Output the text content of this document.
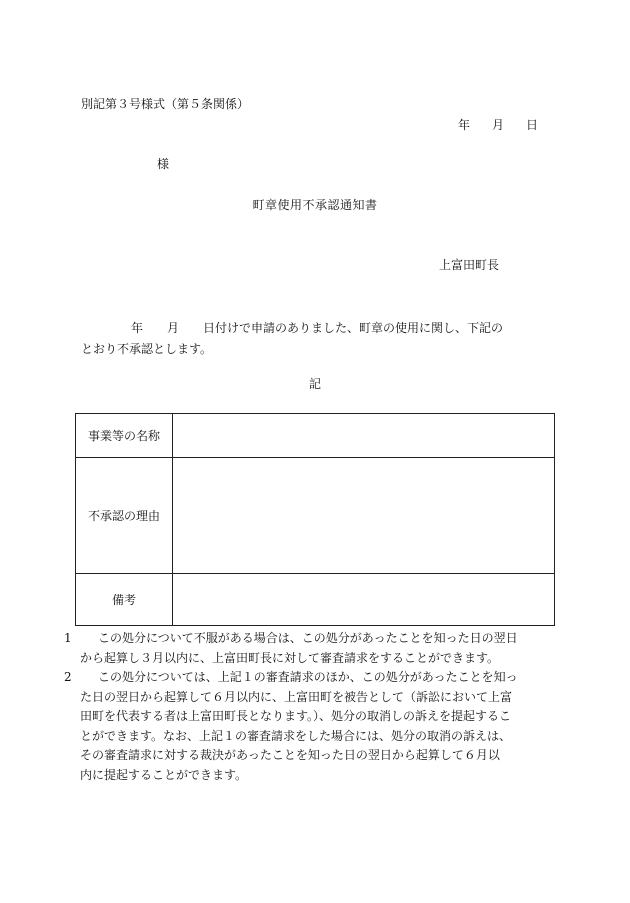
別記第３号様式（第５条関係）
年 月 日
様
町章使用不承認通知書
上富田町長
年 月 日付けで申請のありました、町章の使用に関し、下記の
とおり不承認とします。
記
事業等の名称	
不承認の理由	
備考	
1	この処分について不服がある場合は、この処分があったことを知った日の翌日
から起算し３月以内に、上富田町長に対して審査請求をすることができます。
2	この処分については、上記１の審査請求のほか、この処分があったことを知っ
た日の翌日から起算して６月以内に、上富田町を被告として（訴訟において上富
田町を代表する者は上富田町長となります。）、処分の取消しの訴えを提起するこ
とができます。なお、上記１の審査請求をした場合には、処分の取消の訴えは、
その審査請求に対する裁決があったことを知った日の翌日から起算して６月以
内に提起することができます。
